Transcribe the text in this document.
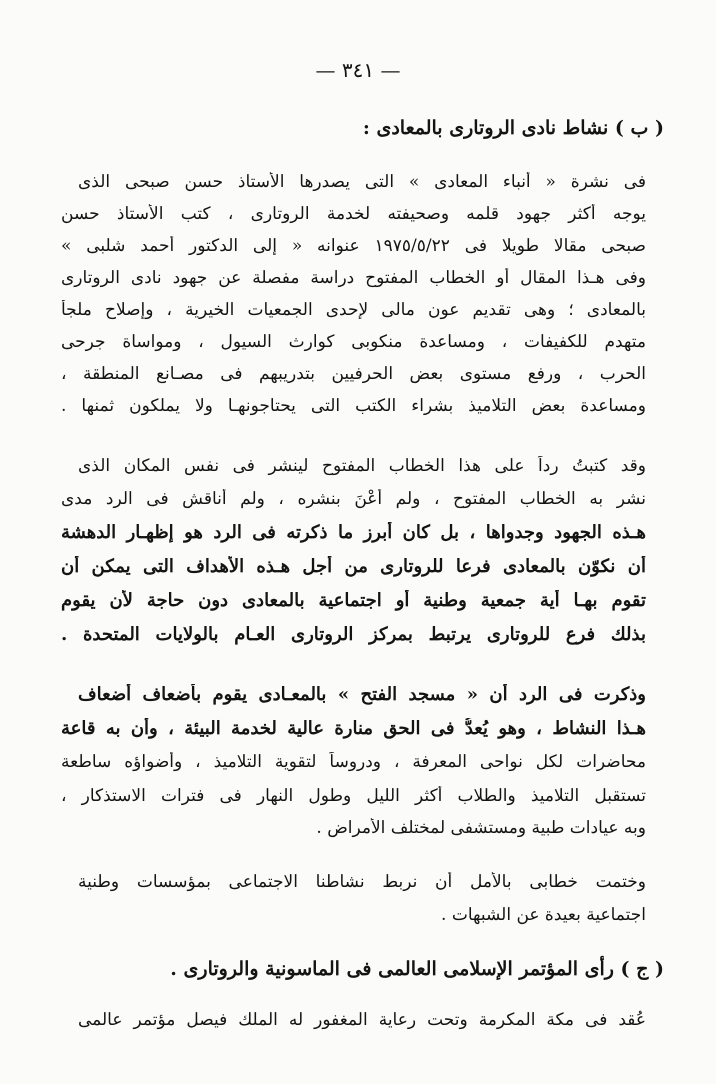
— ٣٤١ —
( ب ) نشاط نادى الروتارى بالمعادى :
فى نشرة « أنباء المعادى » التى يصدرها الأستاذ حسن صبحى الذى
يوجه أكثر جهود قلمه وصحيفته لخدمة الروتارى ، كتب الأستاذ حسن
صبحى مقالا طويلا فى ١٩٧٥/٥/٢٢ عنوانه « إلى الدكتور أحمد شلبى »
وفى هـذا المقال أو الخطاب المفتوح دراسة مفصلة عن جهود نادى الروتارى
بالمعادى ؛ وهى تقديم عون مالى لإحدى الجمعيات الخيرية ، وإصلاح ملجأ
متهدم للكفيفات ، ومساعدة منكوبى كوارث السيول ، ومواساة جرحى
الحرب ، ورفع مستوى بعض الحرفيين بتدريبهم فى مصـانع المنطقة ،
ومساعدة بعض التلاميذ بشراء الكتب التى يحتاجونهـا ولا يملكون ثمنها .
وقد كتبتُ رداً على هذا الخطاب المفتوح لينشر فى نفس المكان الذى
نشر به الخطاب المفتوح ، ولم أُعْنَ بنشره ، ولم أناقش فى الرد مدى
هـذه الجهود وجدواها ، بل كان أبرز ما ذكرته فى الرد هو إظهـار الدهشة
أن نكوّن بالمعادى فرعا للروتارى من أجل هـذه الأهداف التى يمكن أن
تقوم بهـا أية جمعية وطنية أو اجتماعية بالمعادى دون حاجة لأن يقوم
بذلك فرع للروتارى يرتبط بمركز الروتارى العـام بالولايات المتحدة .
وذكرت فى الرد أن « مسجد الفتح » بالمعـادى يقوم بأضعاف أضعاف
هـذا النشاط ، وهو يُعدُّ فى الحق منارة عالية لخدمة البيئة ، وأن به قاعة
محاضرات لكل نواحى المعرفة ، ودروساً لتقوية التلاميذ ، وأضواؤه ساطعة
تستقبل التلاميذ والطلاب أكثر الليل وطول النهار فى فترات الاستذكار ،
وبه عيادات طبية ومستشفى لمختلف الأمراض .
وختمت خطابى بالأمل أن نربط نشاطنا الاجتماعى بمؤسسات وطنية
اجتماعية بعيدة عن الشبهات .
( ج ) رأى المؤتمر الإسلامى العالمى فى الماسونية والروتارى .
عُقد فى مكة المكرمة وتحت رعاية المغفور له الملك فيصل مؤتمر عالمى
